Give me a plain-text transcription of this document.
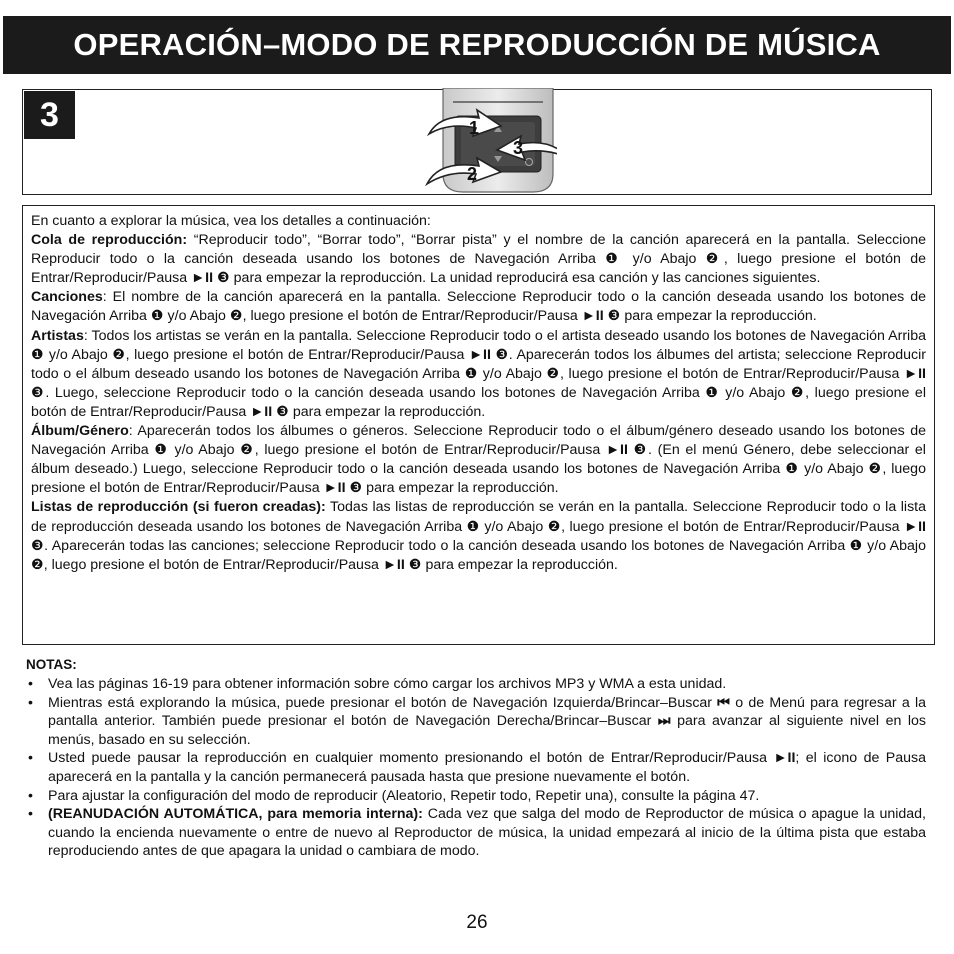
OPERACIÓN–MODO DE REPRODUCCIÓN DE MÚSICA
3	1
3
2

En cuanto a explorar la música, vea los detalles a continuación:

Cola de reproducción: “Reproducir todo”, “Borrar todo”, “Borrar pista” y el nombre de la canción aparecerá en la pantalla. Seleccione Reproducir todo o la canción deseada usando los botones de Navegación Arriba ❶ y/o Abajo ❷, luego presione el botón de Entrar/Reproducir/Pausa ►II ❸ para empezar la reproducción. La unidad reproducirá esa canción y las canciones siguientes.

Canciones: El nombre de la canción aparecerá en la pantalla. Seleccione Reproducir todo o la canción deseada usando los botones de Navegación Arriba ❶ y/o Abajo ❷, luego presione el botón de Entrar/Reproducir/Pausa ►II ❸ para empezar la reproducción.

Artistas: Todos los artistas se verán en la pantalla. Seleccione Reproducir todo o el artista deseado usando los botones de Navegación Arriba ❶ y/o Abajo ❷, luego presione el botón de Entrar/Reproducir/Pausa ►II ❸. Aparecerán todos los álbumes del artista; seleccione Reproducir todo o el álbum deseado usando los botones de Navegación Arriba ❶ y/o Abajo ❷, luego presione el botón de Entrar/Reproducir/Pausa ►II ❸. Luego, seleccione Reproducir todo o la canción deseada usando los botones de Navegación Arriba ❶ y/o Abajo ❷, luego presione el botón de Entrar/Reproducir/Pausa ►II ❸ para empezar la reproducción.

Álbum/Género: Aparecerán todos los álbumes o géneros. Seleccione Reproducir todo o el álbum/género deseado usando los botones de Navegación Arriba ❶ y/o Abajo ❷, luego presione el botón de Entrar/Reproducir/Pausa ►II ❸. (En el menú Género, debe seleccionar el álbum deseado.) Luego, seleccione Reproducir todo o la canción deseada usando los botones de Navegación Arriba ❶ y/o Abajo ❷, luego presione el botón de Entrar/Reproducir/Pausa ►II ❸ para empezar la reproducción.

Listas de reproducción (si fueron creadas): Todas las listas de reproducción se verán en la pantalla. Seleccione Reproducir todo o la lista de reproducción deseada usando los botones de Navegación Arriba ❶ y/o Abajo ❷, luego presione el botón de Entrar/Reproducir/Pausa ►II ❸. Aparecerán todas las canciones; seleccione Reproducir todo o la canción deseada usando los botones de Navegación Arriba ❶ y/o Abajo ❷, luego presione el botón de Entrar/Reproducir/Pausa ►II ❸ para empezar la reproducción.

NOTAS:

• Vea las páginas 16-19 para obtener información sobre cómo cargar los archivos MP3 y WMA a esta unidad.

• Mientras está explorando la música, puede presionar el botón de Navegación Izquierda/Brincar–Buscar ⏮ o de Menú para regresar a la pantalla anterior. También puede presionar el botón de Navegación Derecha/Brincar–Buscar ⏭ para avanzar al siguiente nivel en los menús, basado en su selección.

• Usted puede pausar la reproducción en cualquier momento presionando el botón de Entrar/Reproducir/Pausa ►II; el icono de Pausa aparecerá en la pantalla y la canción permanecerá pausada hasta que presione nuevamente el botón.

• Para ajustar la configuración del modo de reproducir (Aleatorio, Repetir todo, Repetir una), consulte la página 47.

• (REANUDACIÓN AUTOMÁTICA, para memoria interna): Cada vez que salga del modo de Reproductor de música o apague la unidad, cuando la encienda nuevamente o entre de nuevo al Reproductor de música, la unidad empezará al inicio de la última pista que estaba reproduciendo antes de que apagara la unidad o cambiara de modo.

26
